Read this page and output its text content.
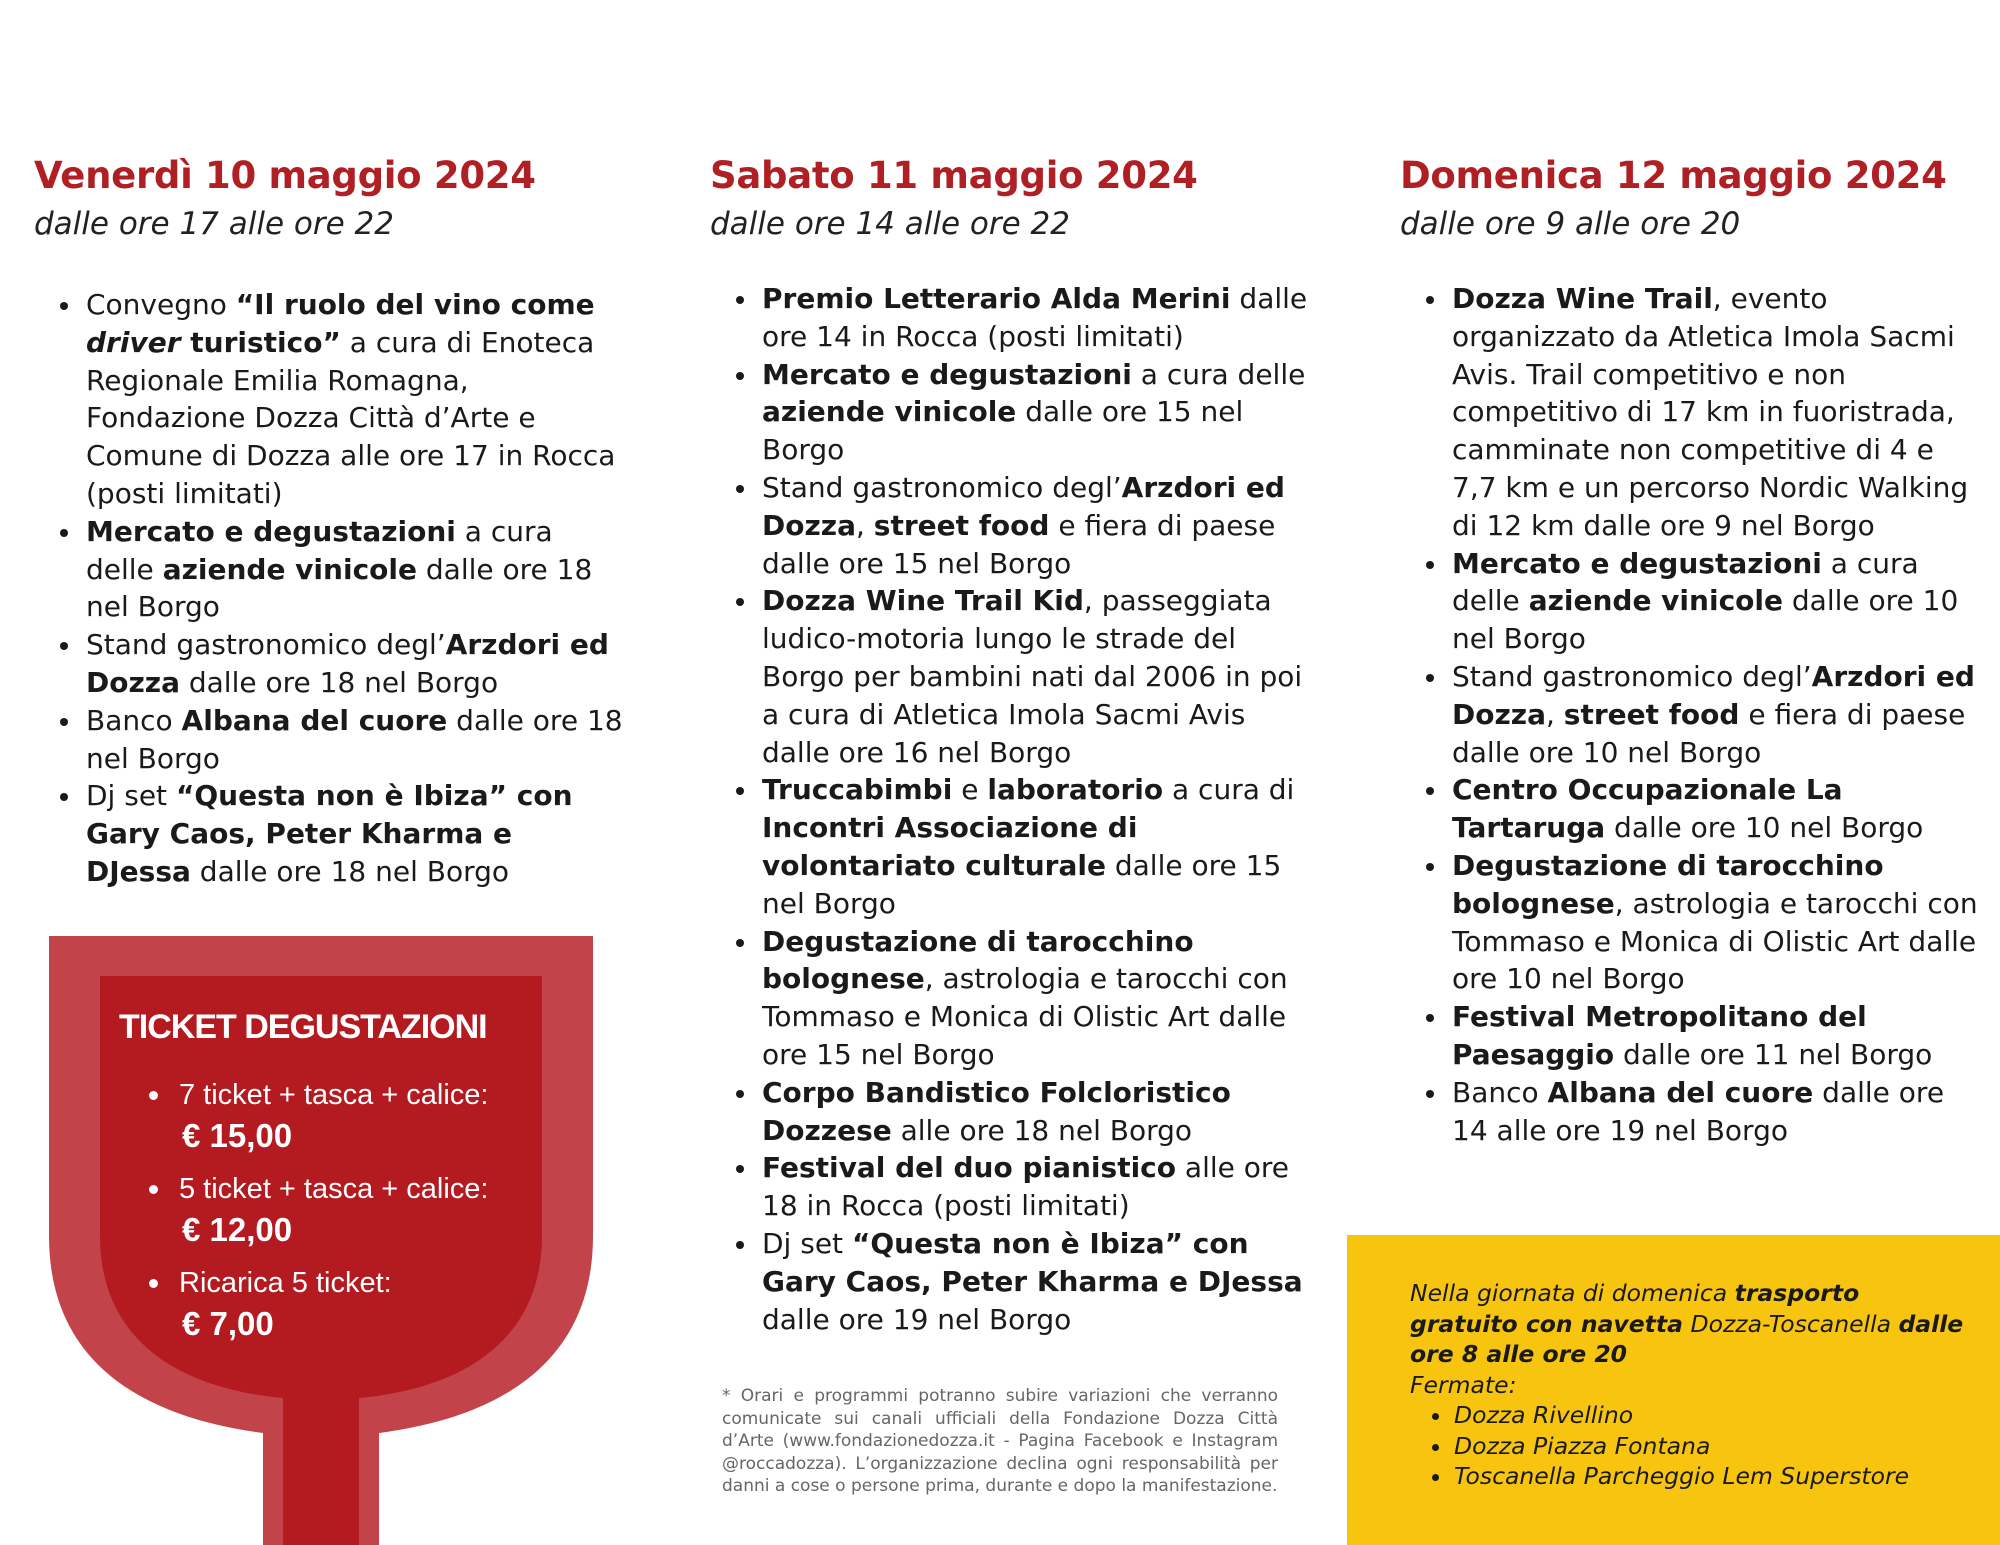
Venerdì 10 maggio 2024

dalle ore 17 alle ore 22

Convegno “Il ruolo del vino come driver turistico” a cura di Enoteca Regionale Emilia Romagna, Fondazione Dozza Città d’Arte e Comune di Dozza alle ore 17 in Rocca (posti limitati)
Mercato e degustazioni a cura delle aziende vinicole dalle ore 18 nel Borgo
Stand gastronomico degl’Arzdori ed Dozza dalle ore 18 nel Borgo
Banco Albana del cuore dalle ore 18 nel Borgo
Dj set “Questa non è Ibiza” con Gary Caos, Peter Kharma e DJessa dalle ore 18 nel Borgo

TICKET DEGUSTAZIONI

7 ticket + tasca + calice:
€ 15,00
5 ticket + tasca + calice:
€ 12,00
Ricarica 5 ticket:
€ 7,00
Sabato 11 maggio 2024

dalle ore 14 alle ore 22

Premio Letterario Alda Merini dalle ore 14 in Rocca (posti limitati)
Mercato e degustazioni a cura delle aziende vinicole dalle ore 15 nel Borgo
Stand gastronomico degl’Arzdori ed Dozza, street food e fiera di paese dalle ore 15 nel Borgo
Dozza Wine Trail Kid, passeggiata ludico-motoria lungo le strade del Borgo per bambini nati dal 2006 in poi a cura di Atletica Imola Sacmi Avis dalle ore 16 nel Borgo
Truccabimbi e laboratorio a cura di Incontri Associazione di volontariato culturale dalle ore 15 nel Borgo
Degustazione di tarocchino bolognese, astrologia e tarocchi con Tommaso e Monica di Olistic Art dalle ore 15 nel Borgo
Corpo Bandistico Folcloristico Dozzese alle ore 18 nel Borgo
Festival del duo pianistico alle ore 18 in Rocca (posti limitati)
Dj set “Questa non è Ibiza” con Gary Caos, Peter Kharma e DJessa dalle ore 19 nel Borgo

* Orari e programmi potranno subire variazioni che verranno comunicate sui canali ufficiali della Fondazione Dozza Città d’Arte (www.fondazionedozza.it - Pagina Facebook e Instagram @roccadozza). L’organizzazione declina ogni responsabilità per danni a cose o persone prima, durante e dopo la manifestazione.

Domenica 12 maggio 2024

dalle ore 9 alle ore 20

Dozza Wine Trail, evento organizzato da Atletica Imola Sacmi Avis. Trail competitivo e non competitivo di 17 km in fuoristrada, camminate non competitive di 4 e 7,7 km e un percorso Nordic Walking di 12 km dalle ore 9 nel Borgo
Mercato e degustazioni a cura delle aziende vinicole dalle ore 10 nel Borgo
Stand gastronomico degl’Arzdori ed Dozza, street food e fiera di paese dalle ore 10 nel Borgo
Centro Occupazionale La Tartaruga dalle ore 10 nel Borgo
Degustazione di tarocchino bolognese, astrologia e tarocchi con Tommaso e Monica di Olistic Art dalle ore 10 nel Borgo
Festival Metropolitano del Paesaggio dalle ore 11 nel Borgo
Banco Albana del cuore dalle ore 14 alle ore 19 nel Borgo

Nella giornata di domenica trasporto gratuito con navetta Dozza-Toscanella dalle ore 8 alle ore 20

Fermate:

Dozza Rivellino
Dozza Piazza Fontana
Toscanella Parcheggio Lem Superstore
